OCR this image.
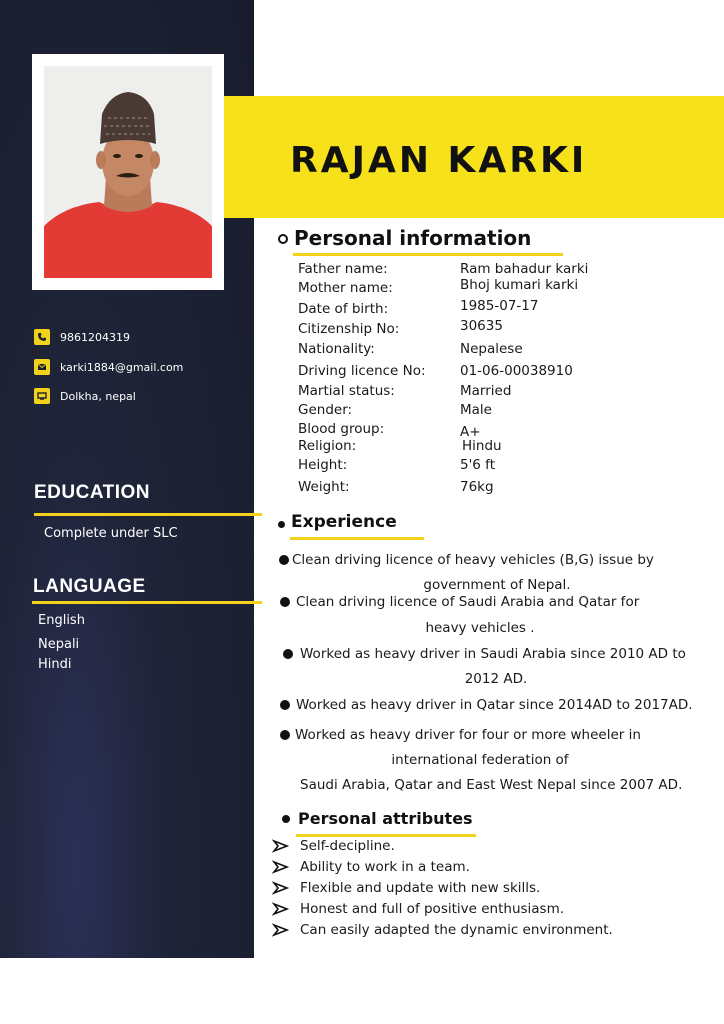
9861204319
karki1884@gmail.com
Dolkha, nepal
EDUCATION
Complete under SLC
LANGUAGE
English
Nepali
Hindi
RAJAN KARKI
Personal information
Father name:	Ram bahadur karki
Mother name:	Bhoj kumari karki
Date of birth:	1985-07-17
Citizenship No:	30635
Nationality:	Nepalese
Driving licence No:	01-06-00038910
Martial status:	Married
Gender:	Male
Blood group:	A+
Religion:	Hindu
Height:	5'6 ft
Weight:	76kg
Experience
Clean driving licence of heavy vehicles (B,G) issue by
government of Nepal.
Clean driving licence of Saudi Arabia and Qatar for
heavy vehicles .
Worked as heavy driver in Saudi Arabia since 2010 AD to
2012 AD.
Worked as heavy driver in Qatar since 2014AD to 2017AD.
Worked as heavy driver for four or more wheeler in
international federation of
Saudi Arabia, Qatar and East West Nepal since 2007 AD.
Personal attributes
Self-decipline.
Ability to work in a team.
Flexible and update with new skills.
Honest and full of positive enthusiasm.
Can easily adapted the dynamic environment.
